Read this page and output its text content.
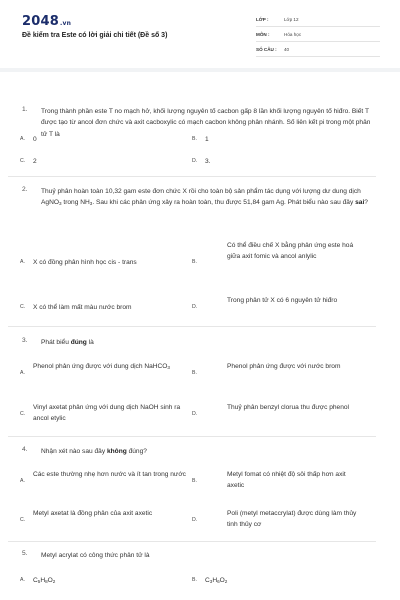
2048.vn
Đề kiểm tra Este có lời giải chi tiết (Đề số 3)
LỚP :	Lớp 12
MÔN :	Hóa học
SỐ CÂU : 40
1. Trong thành phần este T no mạch hở, khối lượng nguyên tố cacbon gấp 8 lần khối lượng nguyên tố hiđro. Biết T được tạo từ ancol đơn chức và axit cacboxylic có mạch cacbon không phân nhánh. Số liên kết pi trong một phân tử T là
A. 0	B. 1
C. 2	D. 3.
2. Thuỷ phân hoàn toàn 10,32 gam este đơn chức X rồi cho toàn bộ sản phẩm tác dụng với lượng dư dung dịch AgNO$_3$ trong $NH_3$. Sau khi các phản ứng xảy ra hoàn toàn, thu được 51,84 gam Ag. Phát biểu nào sau đây sai?
A. X có đồng phân hình học cis - trans	B.
Có thể điều chế X bằng phản ứng este hoá giữa axit fomic và ancol anlylic
C. X có thể làm mất màu nước brom	D.
Trong phân tử X có 6 nguyên tử hiđro
3. Phát biểu đúng là
A.
Phenol phản ứng được với dung dịch NaHCO$_3$
B.
Phenol phản ứng được với nước brom
C.
Vinyl axetat phản ứng với dung dịch NaOH sinh ra ancol etylic
D.
Thuỷ phân benzyl clorua thu được phenol
4. Nhận xét nào sau đây không đúng?
A.
Các este thường nhẹ hơn nước và ít tan trong nước
B.
Metyl fomat có nhiệt độ sôi thấp hơn axit axetic
C.
Metyl axetat là đồng phân của axit axetic
D.
Poli (metyl metaccrylat) được dùng làm thủy tinh thủy cơ
5. Metyl acrylat có công thức phân tử là
A. $C_5H_8O_2$	B. $C_3H_6O_2$
